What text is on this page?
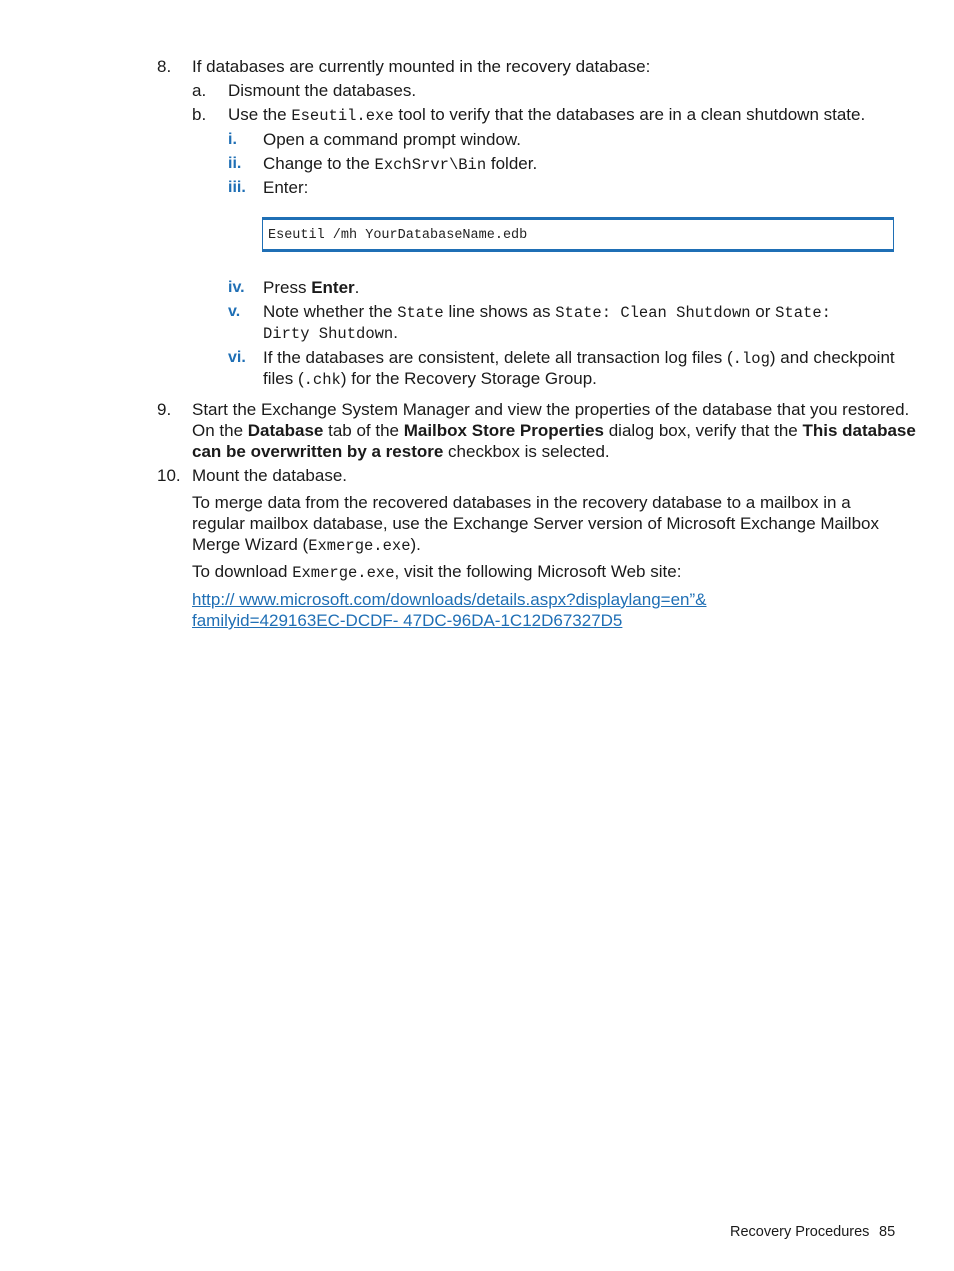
8. If databases are currently mounted in the recovery database:
a. Dismount the databases.
b. Use the Eseutil.exe tool to verify that the databases are in a clean shutdown state.
i. Open a command prompt window.
ii. Change to the ExchSrvr\Bin folder.
iii. Enter:
Eseutil /mh YourDatabaseName.edb
iv. Press Enter.
v. Note whether the State line shows as State: Clean Shutdown or State:
Dirty Shutdown.
vi. If the databases are consistent, delete all transaction log files (.log) and checkpoint
files (.chk) for the Recovery Storage Group.
9. Start the Exchange System Manager and view the properties of the database that you restored.
On the Database tab of the Mailbox Store Properties dialog box, verify that the This database
can be overwritten by a restore checkbox is selected.
10. Mount the database.
To merge data from the recovered databases in the recovery database to a mailbox in a
regular mailbox database, use the Exchange Server version of Microsoft Exchange Mailbox
Merge Wizard (Exmerge.exe).
To download Exmerge.exe, visit the following Microsoft Web site:
http:// www.microsoft.com/downloads/details.aspx?displaylang=en”&
familyid=429163EC-DCDF- 47DC-96DA-1C12D67327D5
Recovery Procedures 85
